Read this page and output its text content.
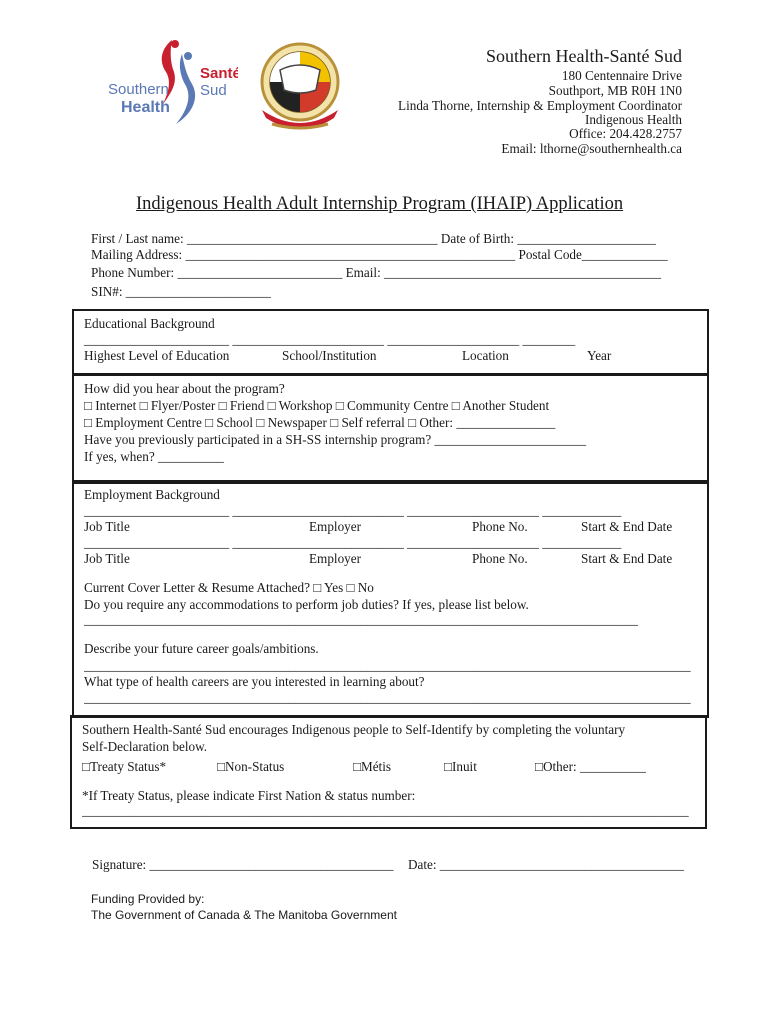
Southern
Health
Santé
Sud
Southern Health-Santé Sud
180 Centennaire Drive
Southport, MB R0H 1N0
Linda Thorne, Internship & Employment Coordinator
Indigenous Health
Office: 204.428.2757
Email: lthorne@southernhealth.ca
Indigenous Health Adult Internship Program (IHAIP) Application
First / Last name: ______________________________________ Date of Birth: _____________________
Mailing Address: __________________________________________________ Postal Code_____________
Phone Number: _________________________ Email: __________________________________________
SIN#: ______________________
Educational Background
______________________ _______________________ ____________________ ________
Highest Level of Education	School/Institution	Location	Year
How did you hear about the program?
□ Internet □ Flyer/Poster □ Friend □ Workshop □ Community Centre □ Another Student
□ Employment Centre □ School □ Newspaper □ Self referral □ Other: _______________
Have you previously participated in a SH-SS internship program? _______________________
If yes, when? __________
Employment Background
______________________ __________________________ ____________________ ____________
Job Title	Employer	Phone No.	Start & End Date
______________________ __________________________ ____________________ ____________
Job Title	Employer	Phone No.	Start & End Date
Current Cover Letter & Resume Attached? □ Yes □ No
Do you require any accommodations to perform job duties? If yes, please list below.
____________________________________________________________________________________
Describe your future career goals/ambitions.
____________________________________________________________________________________________
What type of health careers are you interested in learning about?
____________________________________________________________________________________________
Southern Health-Santé Sud encourages Indigenous people to Self-Identify by completing the voluntary
Self-Declaration below.
□Treaty Status*	□Non-Status	□Métis	□Inuit	□Other: __________
*If Treaty Status, please indicate First Nation & status number:
____________________________________________________________________________________________
Signature: _____________________________________ Date: _____________________________________
Funding Provided by:
The Government of Canada & The Manitoba Government
